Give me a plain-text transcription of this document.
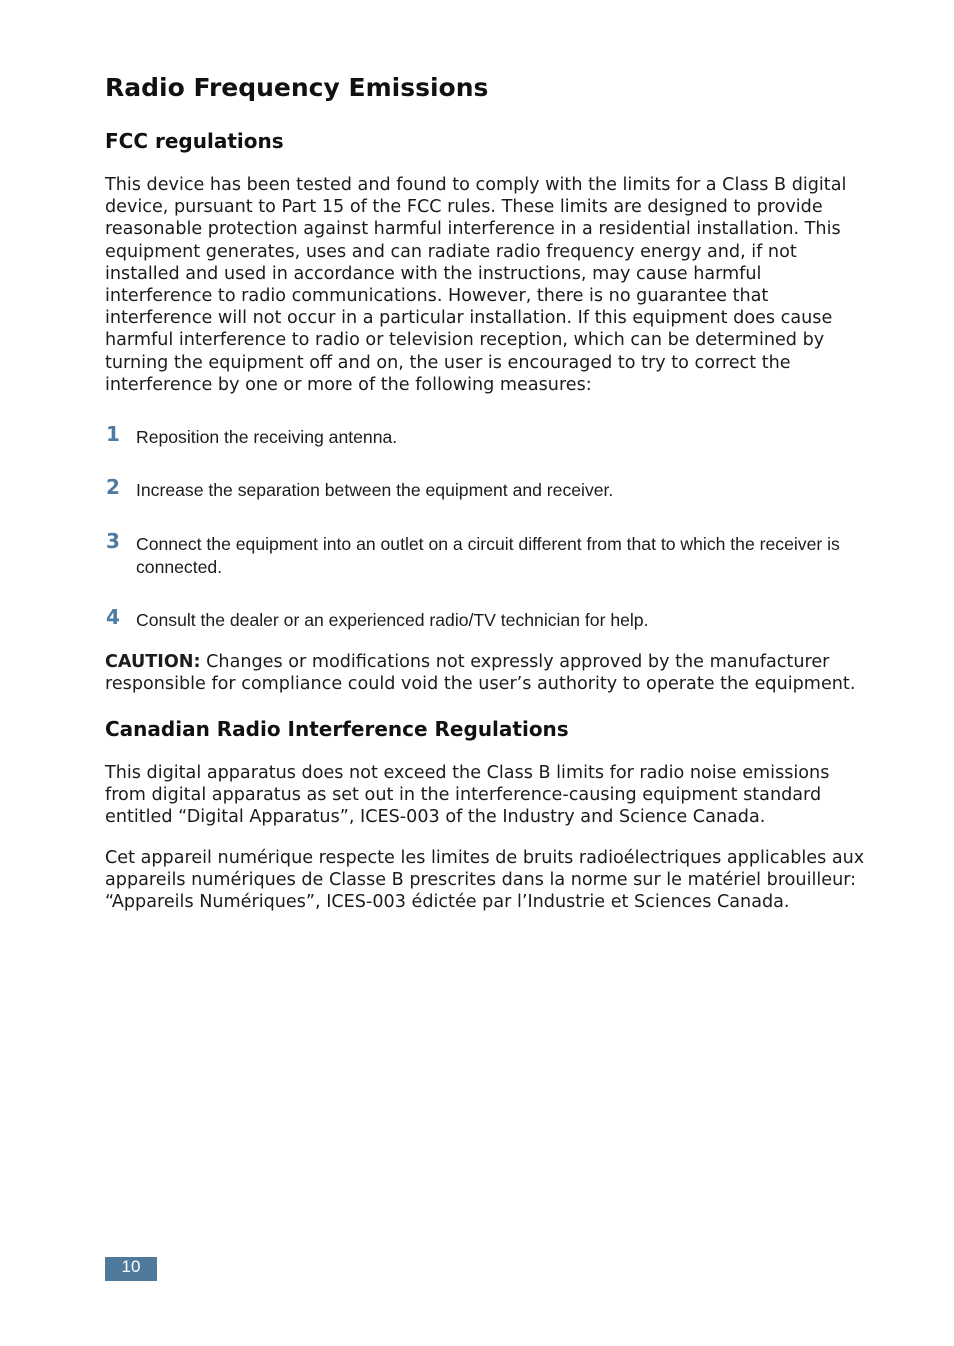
Radio Frequency Emissions
FCC regulations

This device has been tested and found to comply with the limits for a Class B digital device, pursuant to Part 15 of the FCC rules. These limits are designed to provide reasonable protection against harmful interference in a residential installation. This equipment generates, uses and can radiate radio frequency energy and, if not installed and used in accordance with the instructions, may cause harmful interference to radio communications. However, there is no guarantee that interference will not occur in a particular installation. If this equipment does cause harmful interference to radio or television reception, which can be determined by turning the equipment off and on, the user is encouraged to try to correct the interference by one or more of the following measures:

1 Reposition the receiving antenna.
2 Increase the separation between the equipment and receiver.
3 Connect the equipment into an outlet on a circuit different from that to which the receiver is connected.
4 Consult the dealer or an experienced radio/TV technician for help.

CAUTION: Changes or modifications not expressly approved by the manufacturer responsible for compliance could void the user’s authority to operate the equipment.

Canadian Radio Interference Regulations

This digital apparatus does not exceed the Class B limits for radio noise emissions from digital apparatus as set out in the interference-causing equipment standard entitled “Digital Apparatus”, ICES-003 of the Industry and Science Canada.

Cet appareil numérique respecte les limites de bruits radioélectriques applicables aux appareils numériques de Classe B prescrites dans la norme sur le matériel brouilleur: “Appareils Numériques”, ICES-003 édictée par l’Industrie et Sciences Canada.

10
